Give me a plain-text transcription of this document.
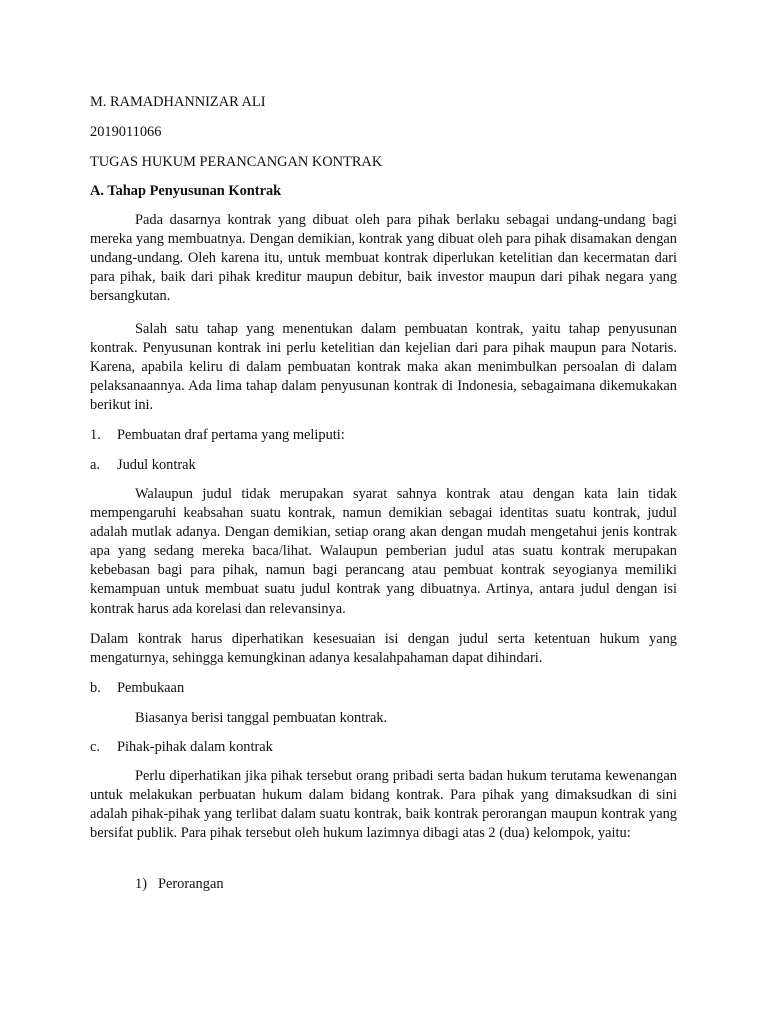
M. RAMADHANNIZAR ALI
2019011066
TUGAS HUKUM PERANCANGAN KONTRAK
A. Tahap Penyusunan Kontrak

Pada dasarnya kontrak yang dibuat oleh para pihak berlaku sebagai undang-undang bagi mereka yang membuatnya. Dengan demikian, kontrak yang dibuat oleh para pihak disamakan dengan undang-undang. Oleh karena itu, untuk membuat kontrak diperlukan ketelitian dan kecermatan dari para pihak, baik dari pihak kreditur maupun debitur, baik investor maupun dari pihak negara yang bersangkutan.

Salah satu tahap yang menentukan dalam pembuatan kontrak, yaitu tahap penyusunan kontrak. Penyusunan kontrak ini perlu ketelitian dan kejelian dari para pihak maupun para Notaris. Karena, apabila keliru di dalam pembuatan kontrak maka akan menimbulkan persoalan di dalam pelaksanaannya. Ada lima tahap dalam penyusunan kontrak di Indonesia, sebagaimana dikemukakan berikut ini.

1. Pembuatan draf pertama yang meliputi:
a. Judul kontrak

Walaupun judul tidak merupakan syarat sahnya kontrak atau dengan kata lain tidak mempengaruhi keabsahan suatu kontrak, namun demikian sebagai identitas suatu kontrak, judul adalah mutlak adanya. Dengan demikian, setiap orang akan dengan mudah mengetahui jenis kontrak apa yang sedang mereka baca/lihat. Walaupun pemberian judul atas suatu kontrak merupakan kebebasan bagi para pihak, namun bagi perancang atau pembuat kontrak seyogianya memiliki kemampuan untuk membuat suatu judul kontrak yang dibuatnya. Artinya, antara judul dengan isi kontrak harus ada korelasi dan relevansinya.

Dalam kontrak harus diperhatikan kesesuaian isi dengan judul serta ketentuan hukum yang mengaturnya, sehingga kemungkinan adanya kesalahpahaman dapat dihindari.

b. Pembukaan
Biasanya berisi tanggal pembuatan kontrak.
c. Pihak-pihak dalam kontrak

Perlu diperhatikan jika pihak tersebut orang pribadi serta badan hukum terutama kewenangan untuk melakukan perbuatan hukum dalam bidang kontrak. Para pihak yang dimaksudkan di sini adalah pihak-pihak yang terlibat dalam suatu kontrak, baik kontrak perorangan maupun kontrak yang bersifat publik. Para pihak tersebut oleh hukum lazimnya dibagi atas 2 (dua) kelompok, yaitu:

1) Perorangan
